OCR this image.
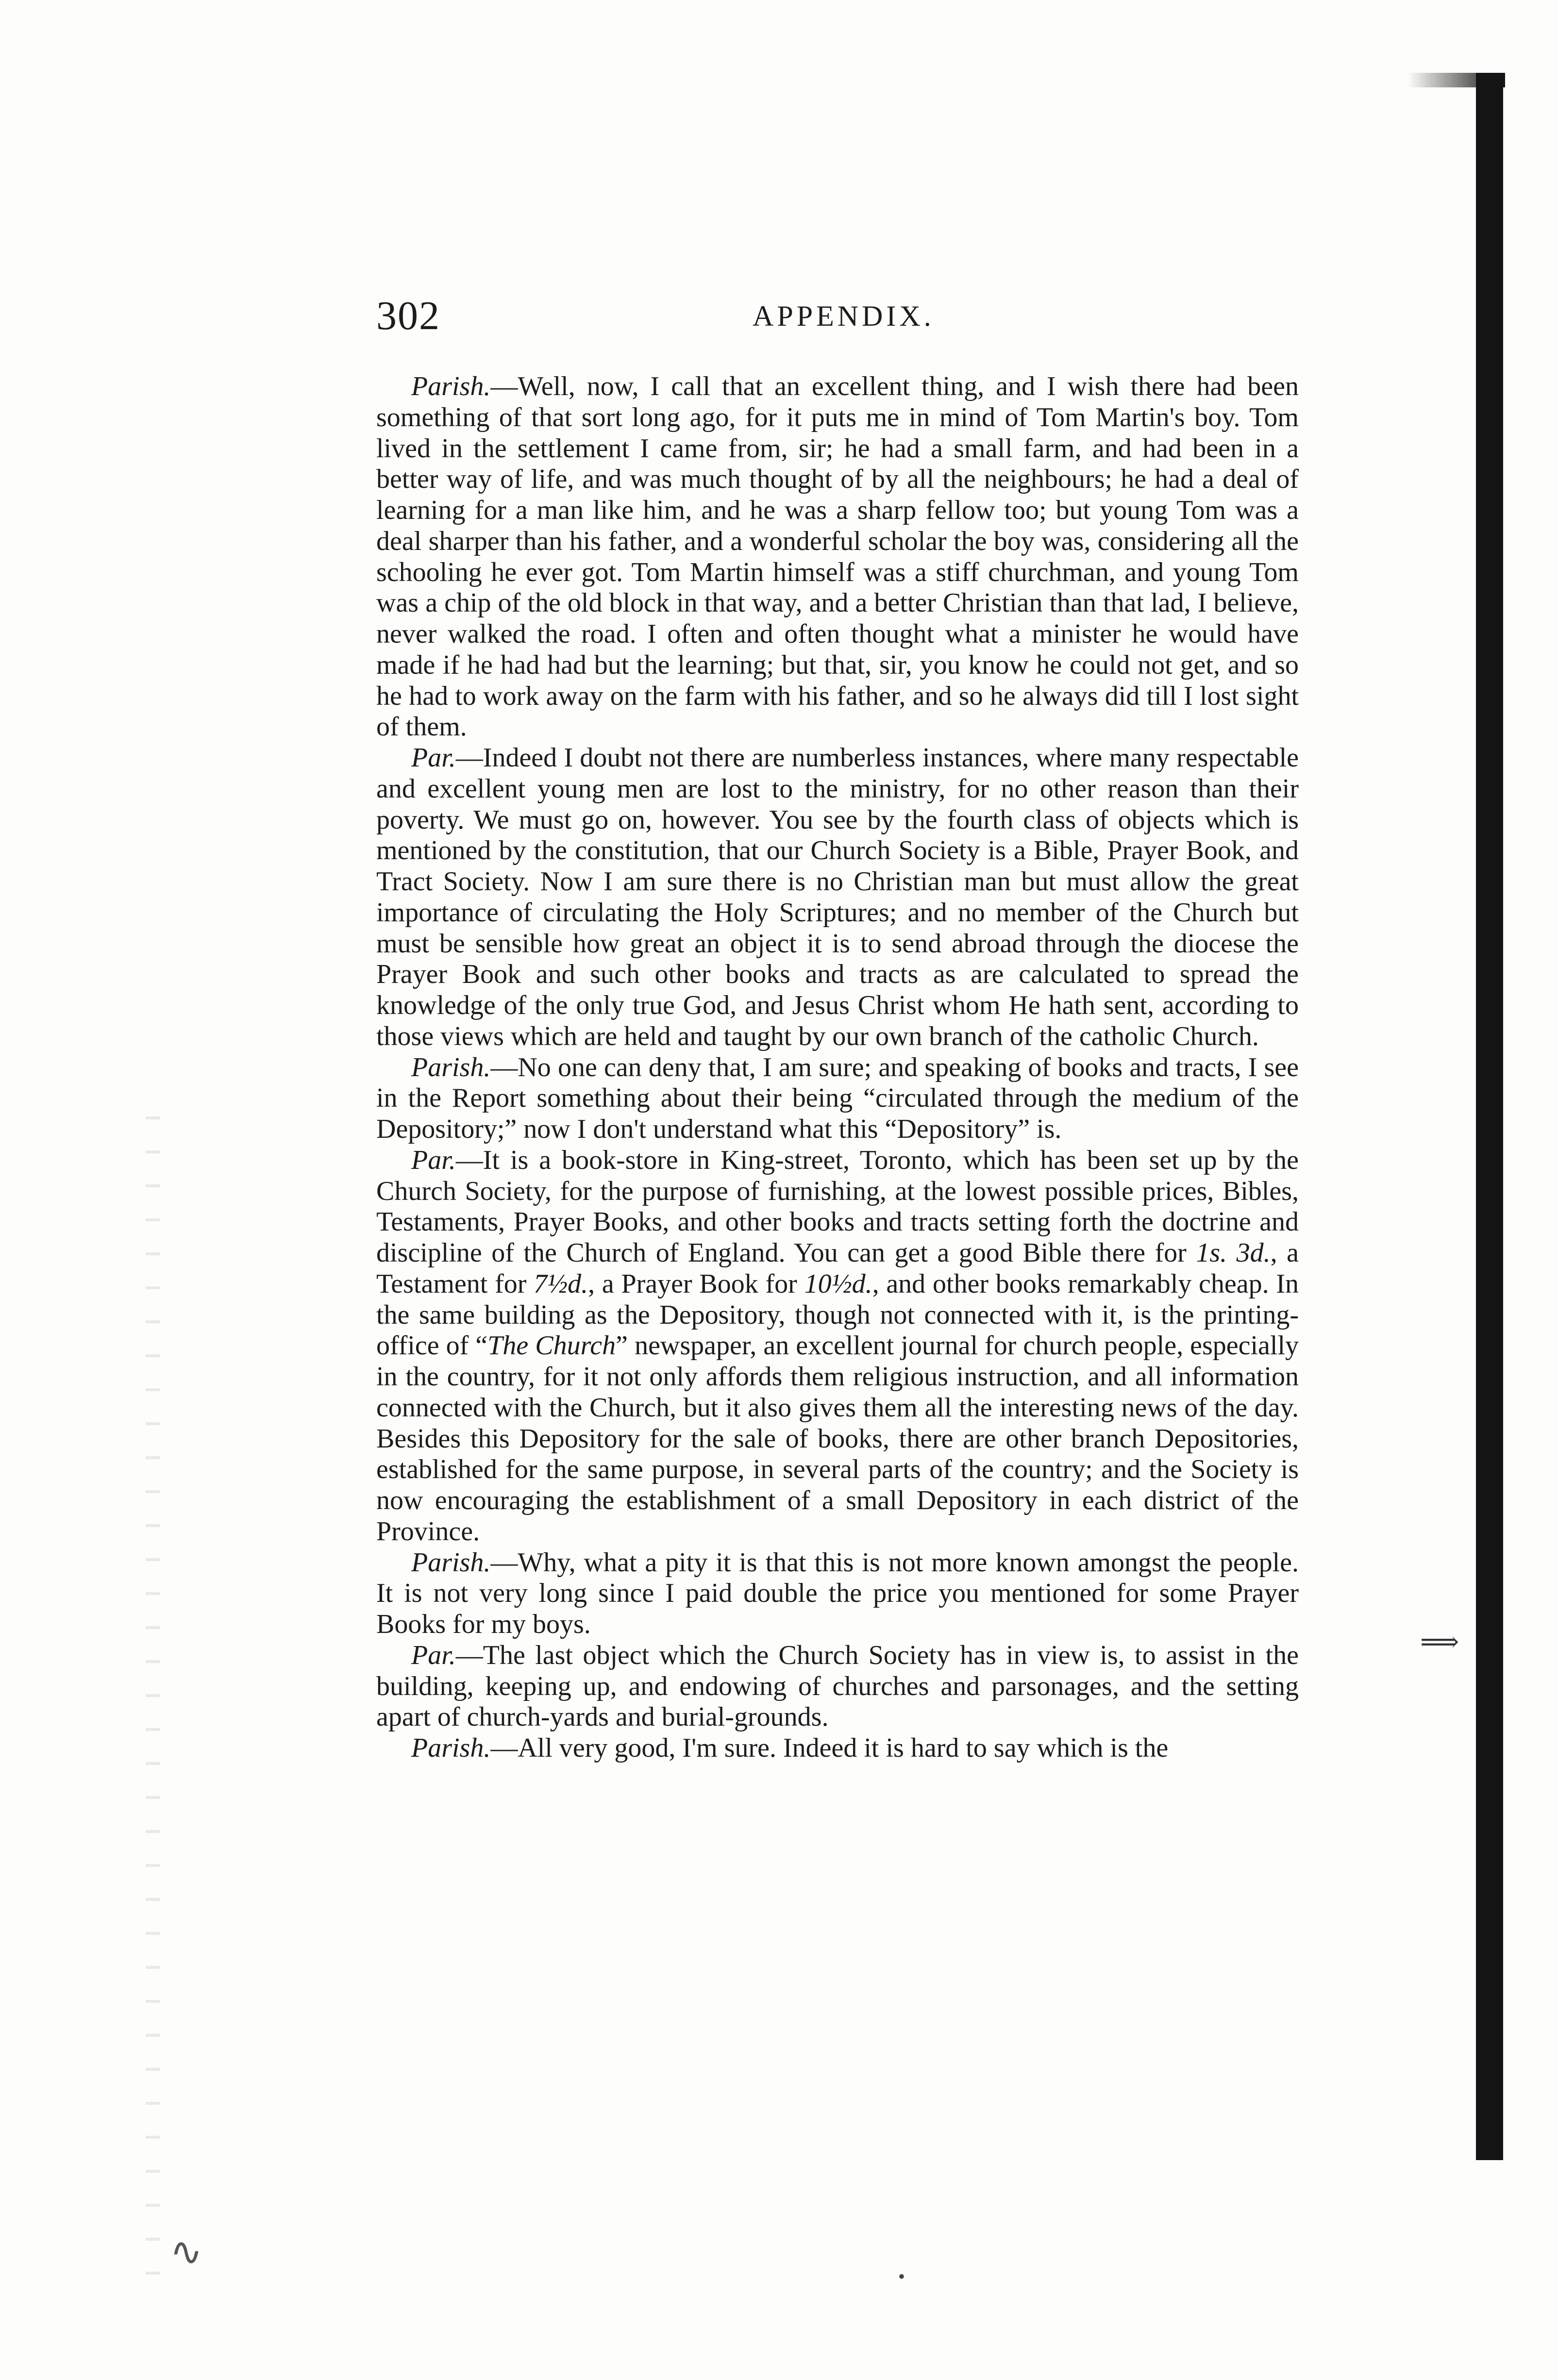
302	APPENDIX.

Parish.—Well, now, I call that an excellent thing, and I wish there had been something of that sort long ago, for it puts me in mind of Tom Martin's boy. Tom lived in the settlement I came from, sir; he had a small farm, and had been in a better way of life, and was much thought of by all the neighbours; he had a deal of learning for a man like him, and he was a sharp fellow too; but young Tom was a deal sharper than his father, and a wonderful scholar the boy was, considering all the schooling he ever got. Tom Martin himself was a stiff churchman, and young Tom was a chip of the old block in that way, and a better Christian than that lad, I believe, never walked the road. I often and often thought what a minister he would have made if he had had but the learning; but that, sir, you know he could not get, and so he had to work away on the farm with his father, and so he always did till I lost sight of them.

Par.—Indeed I doubt not there are numberless instances, where many respectable and excellent young men are lost to the ministry, for no other reason than their poverty. We must go on, however. You see by the fourth class of objects which is mentioned by the constitution, that our Church Society is a Bible, Prayer Book, and Tract Society. Now I am sure there is no Christian man but must allow the great importance of circulating the Holy Scriptures; and no member of the Church but must be sensible how great an object it is to send abroad through the diocese the Prayer Book and such other books and tracts as are calculated to spread the knowledge of the only true God, and Jesus Christ whom He hath sent, according to those views which are held and taught by our own branch of the catholic Church.

Parish.—No one can deny that, I am sure; and speaking of books and tracts, I see in the Report something about their being “circulated through the medium of the Depository;” now I don't understand what this “Depository” is.

Par.—It is a book-store in King-street, Toronto, which has been set up by the Church Society, for the purpose of furnishing, at the lowest possible prices, Bibles, Testaments, Prayer Books, and other books and tracts setting forth the doctrine and discipline of the Church of England. You can get a good Bible there for 1s. 3d., a Testament for 7½d., a Prayer Book for 10½d., and other books remarkably cheap. In the same building as the Depository, though not connected with it, is the printing-office of “The Church” newspaper, an excellent journal for church people, especially in the country, for it not only affords them religious instruction, and all information connected with the Church, but it also gives them all the interesting news of the day. Besides this Depository for the sale of books, there are other branch Depositories, established for the same purpose, in several parts of the country; and the Society is now encouraging the establishment of a small Depository in each district of the Province.

Parish.—Why, what a pity it is that this is not more known amongst the people. It is not very long since I paid double the price you mentioned for some Prayer Books for my boys.

Par.—The last object which the Church Society has in view is, to assist in the building, keeping up, and endowing of churches and parsonages, and the setting apart of church-yards and burial-grounds.

Parish.—All very good, I'm sure. Indeed it is hard to say which is the

⟹
•
∿
